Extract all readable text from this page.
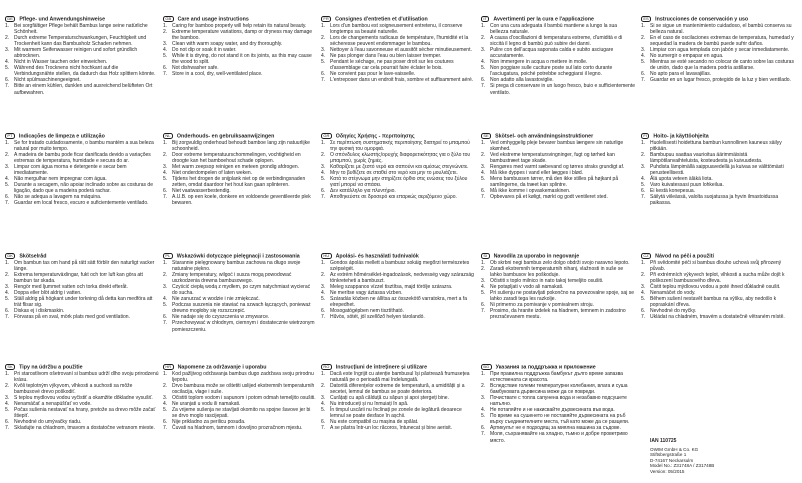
DE Pflege- und Anwendungshinweise
1. Bei sorgfältiger Pflege behält Bambus lange seine natürliche Schönheit.
2. Durch extreme Temperaturschwankungen, Feuchtigkeit und Trockenheit kann das Bambusholz Schaden nehmen.
3. Mit warmem Seifenwasser reinigen und sofort gründlich abtrocknen.
4. Nicht in Wasser tauchen oder einweichen.
5. Während des Trocknens nicht hochkant auf die Verbindungsnähte stellen, da dadurch das Holz splittern könnte.
6. Nicht spülmaschinengeeignet.
7. Bitte an einem kühlen, dunklen und ausreichend belüfteten Ort aufbewahren.
GB Care and usage instructions
1. Caring for bamboo properly will help retain its natural beauty.
2. Extreme temperature variations, damp or dryness may damage the bamboo.
3. Clean with warm soapy water, and dry thoroughly.
4. Do not dip or soak it in water.
5. While it is drying, do not stand it on its joints, as this may cause the wood to split.
6. Not dishwasher safe.
7. Store in a cool, dry, well-ventilated place.
FR Consignes d'entretien et d'utilisation
1. Lors d'un bambou est soigneusement entretenu, il conserve longtemps sa beauté naturelle.
2. Lors de changements radicaux de température, l'humidité et la sécheresse peuvent endommager le bambou.
3. Nettoyer à l'eau savonneuse et aussitôt sécher minutieusement.
4. Ne pas plonger dans l'eau ou bien laisser tremper.
5. Pendant le séchage, ne pas poser droit sur les coutures d'assemblage car cela pourrait faire éclater le bois.
6. Ne convient pas pour le lave-vaisselle.
7. L'entreposer dans un endroit frais, sombre et suffisamment aéré.
IT Avvertimenti per la cura e l'applicazione
1. Con una cura adeguata il bambù mantiene a lungo la sua bellezza naturale.
2. A causa d'oscillazioni di temperatura estreme, d'umidità e di siccità il legno di bambù può subire dei danni.
3. Pulire con dell'acqua saponata calda e subito asciugare accuratamente.
4. Non immergere in acqua o mettere in molle.
5. Non poggiare sulle cuciture poste sul lato corto durante l'asciugatura, poiché potrebbe scheggiarsi il legno.
6. Non adatto alla lavastoviglie.
7. Si prega di conservare in un luogo fresco, buio e sufficientemente ventilato.
ES Instrucciones de conservación y uso
1. Si se sigue un mantenimiento cuidadoso, el bambú conserva su belleza natural.
2. En el caso de oscilaciones extremas de temperatura, humedad y sequedad la madera de bambú puede sufrir daños.
3. Limpiar con agua templada con jabón y secar inmediatamente.
4. No sumergir o empapar en agua.
5. Mientras se esté secando no colocar de canto sobre las costuras de unión, dado que la madera podría astillarse.
6. No apto para el lavavajillas.
7. Guardar en un lugar fresco, protegido de la luz y bien ventilado.
PT Indicações de limpeza e utilização
1. Se for tratado cuidadosamente, o bambu mantém a sua beleza natural por muito tempo.
2. A madeira de bambu pode ficar danificada devido a variações extremas de temperatura, humidade e secura do ar.
3. Limpar com água morna e detergente e secar bem imediatamente.
4. Não mergulhar nem impregnar com água.
5. Durante a secagem, não apoiar inclinado sobre as costuras de ligação, dado que a madeira poderá rachar.
6. Não se adequa a lavagem na máquina.
7. Guardar em local fresco, escuro e suficientemente ventilado.
NL Onderhouds- en gebruiksaanwijzingen
1. Bij zorgvuldig onderhoud behoudt bamboe lang zijn natuurlijke schoonheid.
2. Door extreme temperatuurschommelingen, vochtigheid en droogte kan het bamboehout schade oplopen.
3. Met warm zeepsop reinigen en meteen grondig afdrogen.
4. Niet onderdompelen of laten weken.
5. Tijdens het drogen de snijplank niet op de verbindingsnaden zetten, omdat daardoor het hout kan gaan splinteren.
6. Niet vaatwasserbestendig.
7. A.U.B. op een koele, donkere en voldoende geventileerde plek bewaren.
GR Οδηγίες Χρήσης - περιποίησης
1. Σε περίπτωση συστηματικής περιποίησης διατηρεί το μπαμπού την φυσική του ομορφιά.
2. Ο σπόνδυλος κλωστής/ορυχής διαφορετικότητας για ο ξύλο του μπαμπού, χωρίς ζημιές.
3. Καθαρίζετε με ζεστό νερό και σαπούνι και αμέσως στεγνώνετε.
4. Μην το βυθίζετε σε σταθεί στο νερό και μην το μουλιάζετε.
5. Κατά το στέγνωμα μην στηρίζετε όρθιο στις ενώσεις του ξύλου γιατί μπορεί να σπάσει.
6. Δεν κατάλληλο για πλυντήριο.
7. Αποθηκεύστε σε δροσερό και επαρκώς αεριζόμενο χώρο.
SE Skötsel- och användningsinstruktioner
1. Ved omhyggelig pleje bevarer bambus længere sin naturlige skønhed.
2. Ved ekstreme temperatursvingninger, fugt og tørhed kan bambustræet tage skade.
3. Rengøres med varmt sæbevand og tørres straks grundigt af.
4. Må ikke dyppes i vand eller lægges i blød.
5. Mens bambussen tørrer, må den ikke stilles på højkant på samlingerne, da træet kan splintre.
6. Må ikke komme i opvaskemaskinen.
7. Opbevares på et køligt, mørkt og godt ventileret sted.
FI Hoito- ja käyttöohjeita
1. Huolellisesti hoidettuna bambun kunnollinen kauneus säilyy pitkään.
2. Bambupuu saattaa vaurioitua äärimmäisistä lämpötilanvaihteluista, kosteudesta ja kuivuudesta.
3. Puhdista lämpimällä saippuavedellä ja kuivaa se välittömästi perusteellisesti.
4. Älä upota veteen äläkä liota.
5. Varo kuivatessasi puun lohkeilua.
6. Ei kestä konepesua.
7. Säilytä viileässä, valolta suojatussa ja hyvin ilmastoidussa paikassa.
DK Skötselråd
1. Om bambun tas om hand på rätt sätt förblir den naturligt vacker länge.
2. Extrema temperaturväxlingar, fukt och torr luft kan göra att bambun tar skada.
3. Rengör med ljummet vatten och torka direkt efteråt.
4. Doppa eller blöt aldrig i vatten.
5. Ställ aldrig på högkant under torkning då detta kan medföra att trät flisar sig.
6. Diskas ej i diskmaskin.
7. Förvaras på en sval, mörk plats med god ventilation.
PL Wskazówki dotyczące pielęgnacji i zastosowania
1. Starannie pielęgnowany bambus zachowa na długo swoje naturalne piękno.
2. Zmiany temperatury, wilgoć i susza mogą powodować uszkodzenia drewna bambusowego.
3. Czyścić ciepłą wodą z mydłem, po czym natychmiast wycierać do sucha.
4. Nie zanurzać w wodzie i nie zmiękczać.
5. Podczas suszenia nie stawiać na szwach łączących, ponieważ drewno mogłoby się rozszczepić.
6. Nie nadaje się do czyszczenia w zmywarce.
7. Przechowywać w chłodnym, ciemnym i dostatecznie wietrzonym pomieszczeniu.
HU Ápolási- és használati tudnivalók
1. Gondos ápolás mellett a bambusz sokáig megőrzi természetes szépségét.
2. Az extrém hőmérséklet-ingadozások, nedvesség vagy szárazság tönkreteheti a bambuszt.
3. Meleg szappanos vízzel tisztítsa, majd törölje szárazra.
4. Ne merítse vagy áztassa vízben.
5. Száradás közben ne állítsa az összekötő varratokra, mert a fa elrepedhet.
6. Mosogatógépben nem tisztítható.
7. Hűvös, sötét, jól szellőző helyen tárolandó.
SI Navodila za uporabo in negovanje
1. Ob skrbni negi bambus zelo dolgo obdrži svojo naravno lepoto.
2. Zaradi ekstremnih temperaturnih nihanj, vlažnosti in suše se lahko bambusov les poškoduje.
3. Očistiti s toplo milnico in nato takoj temeljito osušiti.
4. Ne potapljati v vodo ali namakati.
5. Pri sušenju ne postavljati pokončno na povezovalne spoje, saj se lahko zaradi tega les razkolje.
6. Ni primerno za pomivanje v pomivalnem stroju.
7. Prosimo, da hranite izdelek na hladnem, temnem in zadostno prezračevanem mestu.
CZ Návod na péči a použití
1. Při svědomité péči si bambus dlouho uchová svůj přirozený půvab.
2. Při extrémních výkyvech teplot, vlhkosti a sucha může dojít k poškození bambusového dřeva.
3. Čistit teplou mýdlovou vodou a poté ihned důkladně osušit.
4. Nenamáčet do vody.
5. Během sušení nestavět bambus na výšku, aby nedošlo k popraskání dřeva.
6. Nevhodné do myčky.
7. Ukládat na chladném, tmavém a dostatečně větraném místě.
SK Tipy na údržbu a použitie
1. Pri starostlivom ošetrovaní si bambus udrží dlho svoju prirodzenú krásu.
2. Kvôli teplotným výkyvom, vlhkosti a suchosti sa môže bambusové drevo poškodiť.
3. S teplou mydlovou vodou vyčistiť a okamžite dôkladne vysušiť.
4. Nenamáčať a nenapúšťať vo vode.
5. Počas sušenia nestavať na hrany, pretože sa drevo môže začať štiepiť.
6. Nevhodné do umývačky riadu.
7. Skladujte na chladnom, tmavom a dostatočne vetranom mieste.
HR Napomene za održavanje i uporabu
1. Kod pažljivog održavanja bambus dugo zadržava svoju prirodnu ljepotu.
2. Drvo bambusa može se oštetiti uslijed ekstremnih temperaturnih oscilacija, vlage i suše.
3. Očistiti toplom vodom i sapunom i potom odmah temeljito osušiti.
4. Ne uranjati u vodu ili namakati.
5. Za vrijeme sušenja ne stavljati okomito na spojne šavove jer bi se drvo moglo rascijepati.
6. Nije prikladno za perilicu posuđa.
7. Čuvati na hladnom, tamnom i dovoljno prozračnom mjestu.
RO Instrucțiuni de întreținere și utilizare
1. Dacă este îngrijit cu atenție bambusul își păstrează frumusețea naturală pe o perioadă mai îndelungată.
2. Datorită diferențelor extreme de temperatură, a umidității și a secetei, lemnul de bambus se poate deteriora.
3. Curățați cu apă călduță cu săpun și apoi ștergeți bine.
4. Nu introduceți și nu înmuiați în apă.
5. În timpul uscării nu înclinați pe zonele de legătură deoarece lemnul se poate desface în așchii.
6. Nu este compatibil cu mașina de spălat.
7. A se păstra într-un loc răcoros, întunecat și bine aerisit.
BG Указания за поддръжка и приложение
1. При правилна поддръжка бамбукът дълго време запазва естествената си красота.
2. Вследствие големи температурни колебания, влага и суша бамбуковата дървесина може да се повреди.
3. Почиствате с топла сапунена вода и незабавно подсушете напълно.
4. Не потапяйте и не накисвайте дървесината във вода.
5. По време на сушенето не поставяйте дървесината на ръб върху съединителните места, тъй като може да се разцепи.
6. Артикулът не е подходящ за миялна машина за съдове.
7. Моля, съхранявайте на хладно, тъмно и добре проветриво място.	IAN 110725
OWIM GmbH & Co. KG
Stiftsbergstraße 1
D-74167 Neckarsulm
Model No.: Z31748A / Z31748B
Version: 05/2015
